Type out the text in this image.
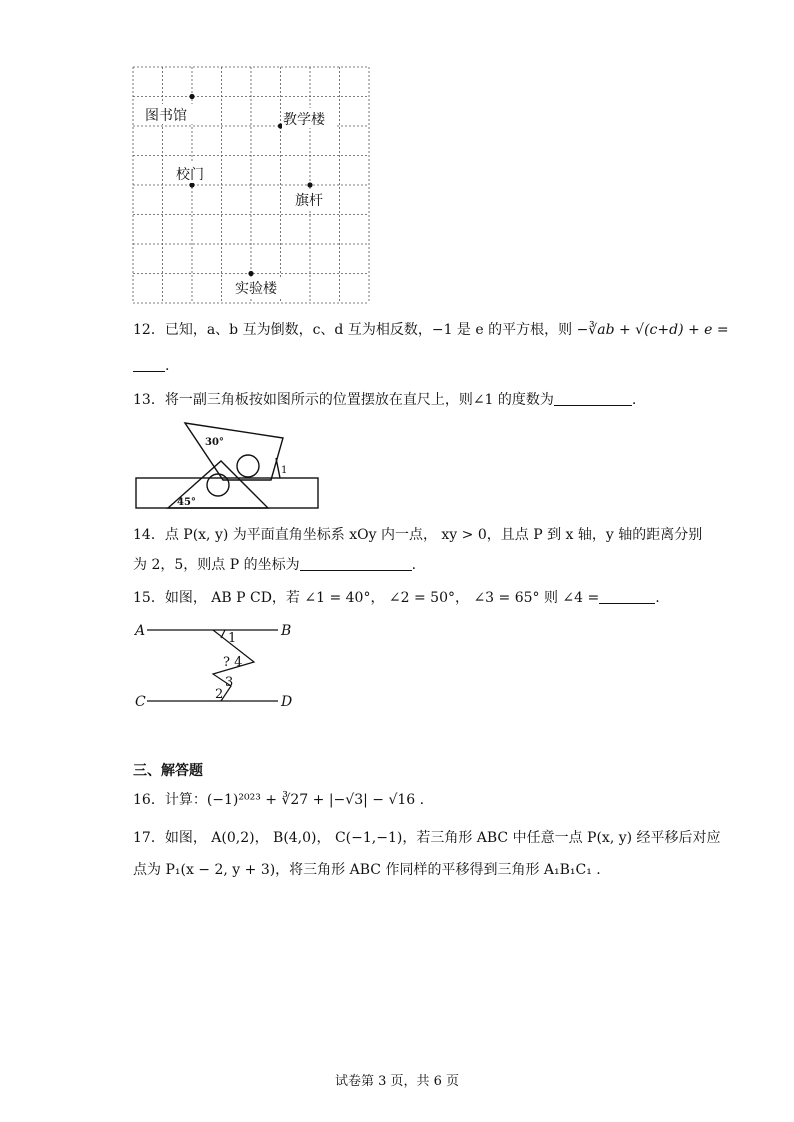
图书馆	教学楼
校门
旗杆
实验楼
12．已知，a、b 互为倒数，c、d 互为相反数，−1 是 e 的平方根，则 −∛ab + √(c+d) + e =
.
13．将一副三角板按如图所示的位置摆放在直尺上，则∠1 的度数为	.
30°
45°
1
14．点 P(x, y) 为平面直角坐标系 xOy 内一点， xy > 0，且点 P 到 x 轴，y 轴的距离分别
为 2，5，则点 P 的坐标为	.
15．如图， AB P CD，若 ∠1 = 40°， ∠2 = 50°， ∠3 = 65° 则 ∠4 =	.
A	B
C	D
1
? 4
3
2
三、解答题
16．计算：(−1)²⁰²³ + ∛27 + |−√3| − √16 .
17．如图， A(0,2)， B(4,0)， C(−1,−1)，若三角形 ABC 中任意一点 P(x, y) 经平移后对应
点为 P₁(x − 2, y + 3)，将三角形 ABC 作同样的平移得到三角形 A₁B₁C₁ .
试卷第 3 页，共 6 页
